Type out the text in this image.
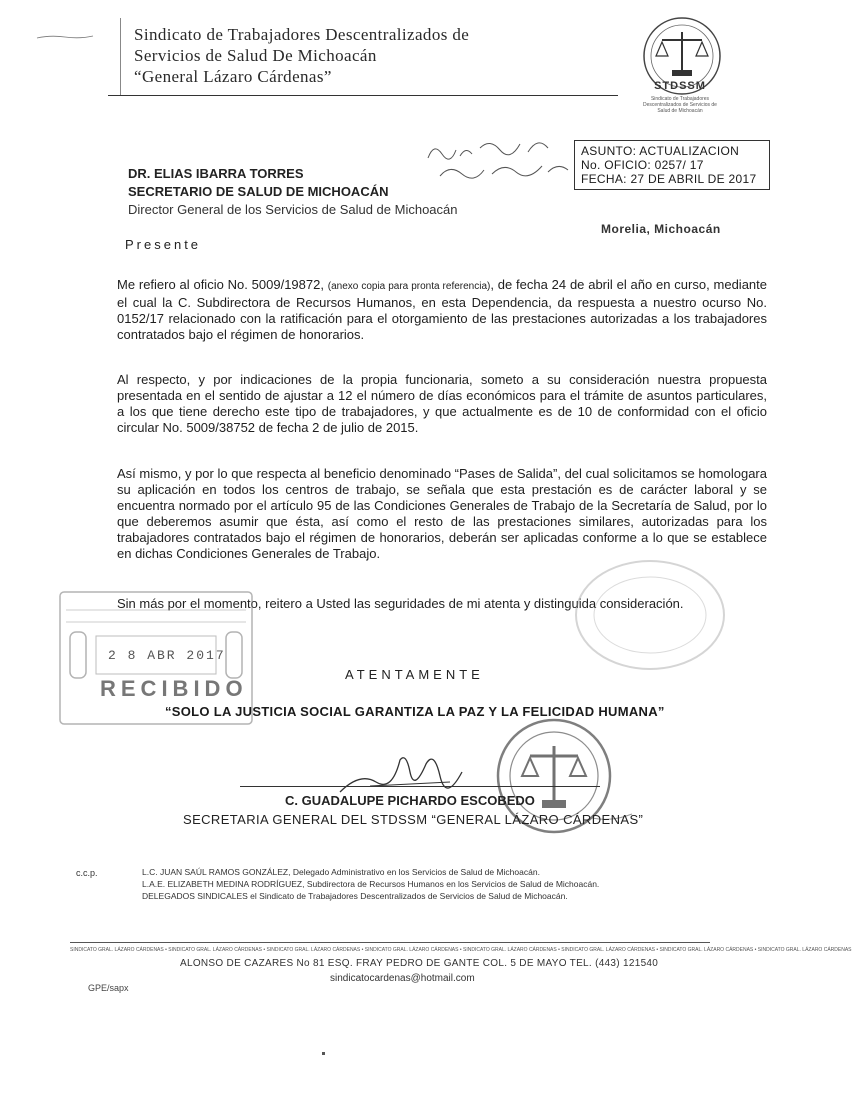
Sindicato de Trabajadores Descentralizados de
Servicios de Salud De Michoacán
“General Lázaro Cárdenas”	STDSSM
Sindicato de Trabajadores Descentralizados de Servicios de Salud de Michoacán
ASUNTO: ACTUALIZACION
No. OFICIO: 0257/ 17
FECHA: 27 DE ABRIL DE 2017
DR. ELIAS IBARRA TORRES
SECRETARIO DE SALUD DE MICHOACÁN
Director General de los Servicios de Salud de Michoacán
Morelia, Michoacán
Presente
Me refiero al oficio No. 5009/19872, (anexo copia para pronta referencia), de fecha 24 de abril el año en curso, mediante el cual la C. Subdirectora de Recursos Humanos, en esta Dependencia, da respuesta a nuestro ocurso No. 0152/17 relacionado con la ratificación para el otorgamiento de las prestaciones autorizadas a los trabajadores contratados bajo el régimen de honorarios.
Al respecto, y por indicaciones de la propia funcionaria, someto a su consideración nuestra propuesta presentada en el sentido de ajustar a 12 el número de días económicos para el trámite de asuntos particulares, a los que tiene derecho este tipo de trabajadores, y que actualmente es de 10 de conformidad con el oficio circular No. 5009/38752 de fecha 2 de julio de 2015.
Así mismo, y por lo que respecta al beneficio denominado “Pases de Salida”, del cual solicitamos se homologara su aplicación en todos los centros de trabajo, se señala que esta prestación es de carácter laboral y se encuentra normado por el artículo 95 de las Condiciones Generales de Trabajo de la Secretaría de Salud, por lo que deberemos asumir que ésta, así como el resto de las prestaciones similares, autorizadas para los trabajadores contratados bajo el régimen de honorarios, deberán ser aplicadas conforme a lo que se establece en dichas Condiciones Generales de Trabajo.
Sin más por el momento, reitero a Usted las seguridades de mi atenta y distinguida consideración.
2 8 ABR 2017
RECIBIDO
ATENTAMENTE
“SOLO LA JUSTICIA SOCIAL GARANTIZA LA PAZ Y LA FELICIDAD HUMANA”
C. GUADALUPE PICHARDO ESCOBEDO
SECRETARIA GENERAL DEL STDSSM “GENERAL LÁZARO CÁRDENAS”
c.c.p.	L.C. JUAN SAÚL RAMOS GONZÁLEZ, Delegado Administrativo en los Servicios de Salud de Michoacán.
L.A.E. ELIZABETH MEDINA RODRÍGUEZ, Subdirectora de Recursos Humanos en los Servicios de Salud de Michoacán.
DELEGADOS SINDICALES el Sindicato de Trabajadores Descentralizados de Servicios de Salud de Michoacán.
SINDICATO GRAL. LÁZARO CÁRDENAS • SINDICATO GRAL. LÁZARO CÁRDENAS • SINDICATO GRAL. LÁZARO CÁRDENAS • SINDICATO GRAL. LÁZARO CÁRDENAS • SINDICATO GRAL. LÁZARO CÁRDENAS • SINDICATO GRAL. LÁZARO CÁRDENAS • SINDICATO GRAL. LÁZARO CÁRDENAS • SINDICATO GRAL. LÁZARO CÁRDENAS
ALONSO DE CAZARES No 81 ESQ. FRAY PEDRO DE GANTE COL. 5 DE MAYO TEL. (443) 121540
sindicatocardenas@hotmail.com
GPE/sapx
